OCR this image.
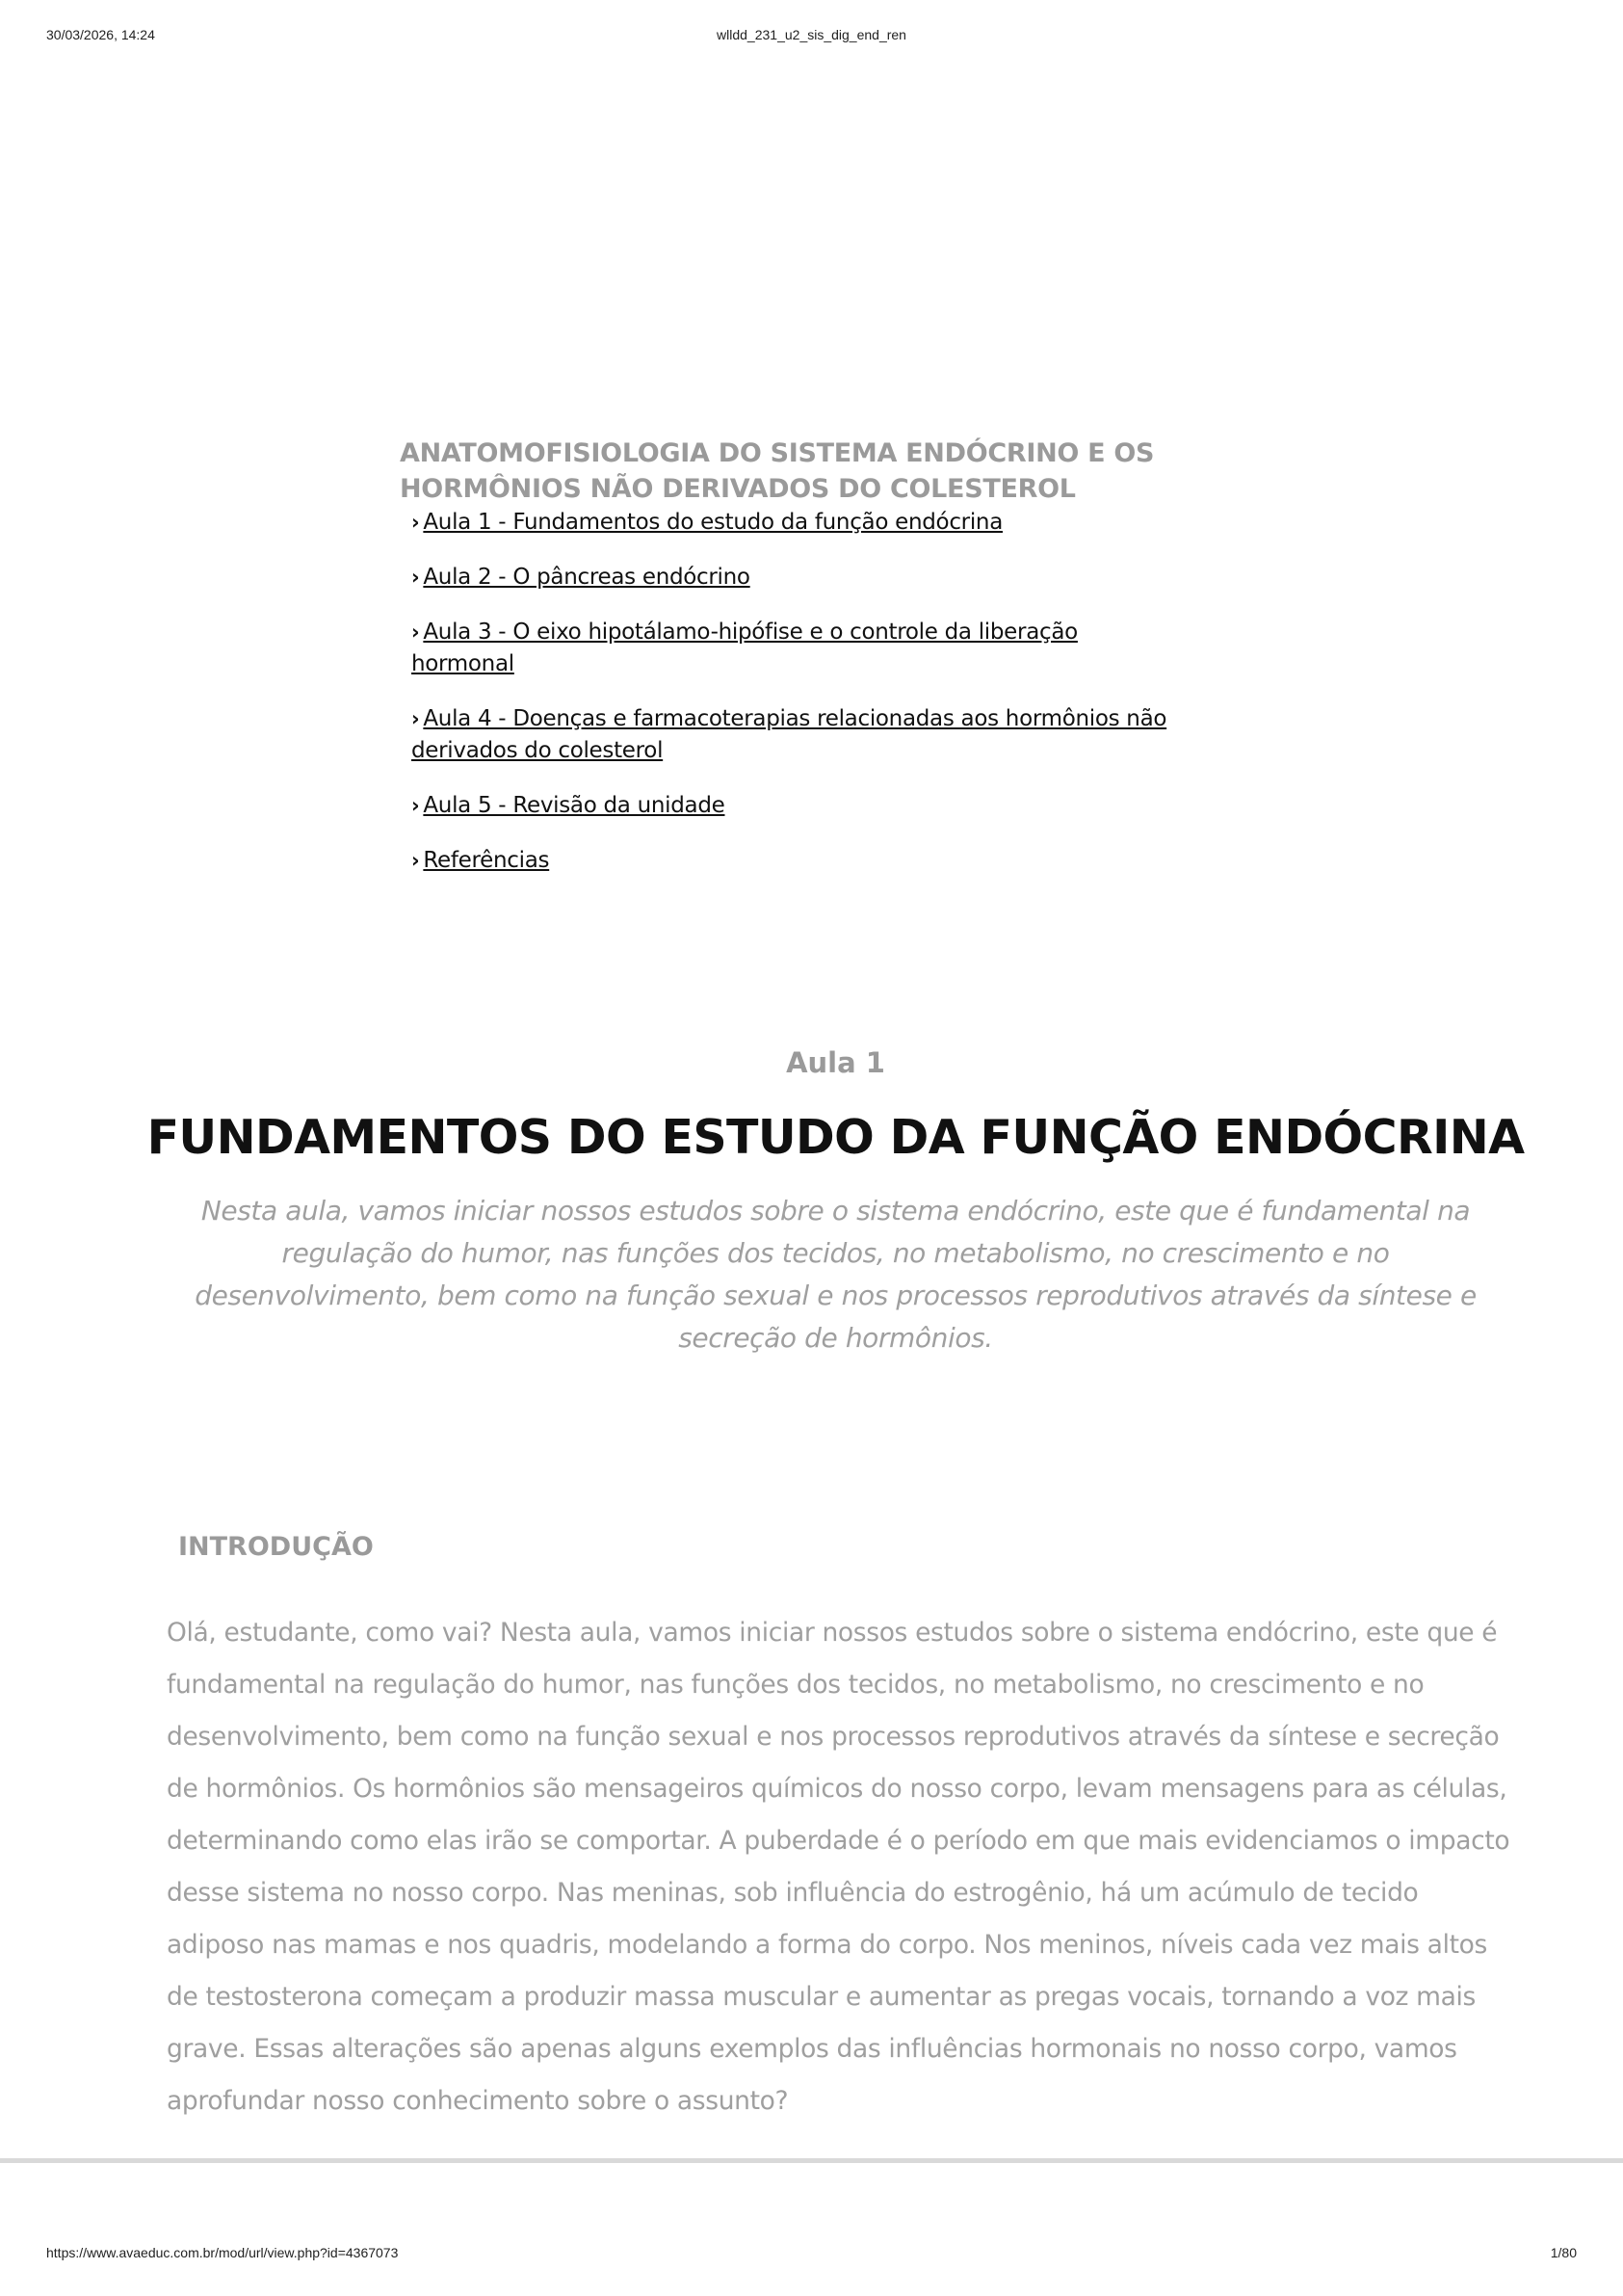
30/03/2026, 14:24	wlldd_231_u2_sis_dig_end_ren
ANATOMOFISIOLOGIA DO SISTEMA ENDÓCRINO E OS HORMÔNIOS NÃO DERIVADOS DO COLESTEROL
› Aula 1 - Fundamentos do estudo da função endócrina
› Aula 2 - O pâncreas endócrino
› Aula 3 - O eixo hipotálamo-hipófise e o controle da liberação hormonal
› Aula 4 - Doenças e farmacoterapias relacionadas aos hormônios não derivados do colesterol
› Aula 5 - Revisão da unidade
› Referências
Aula 1
FUNDAMENTOS DO ESTUDO DA FUNÇÃO ENDÓCRINA

Nesta aula, vamos iniciar nossos estudos sobre o sistema endócrino, este que é fundamental na regulação do humor, nas funções dos tecidos, no metabolismo, no crescimento e no desenvolvimento, bem como na função sexual e nos processos reprodutivos através da síntese e secreção de hormônios.

INTRODUÇÃO

Olá, estudante, como vai? Nesta aula, vamos iniciar nossos estudos sobre o sistema endócrino, este que é fundamental na regulação do humor, nas funções dos tecidos, no metabolismo, no crescimento e no desenvolvimento, bem como na função sexual e nos processos reprodutivos através da síntese e secreção de hormônios. Os hormônios são mensageiros químicos do nosso corpo, levam mensagens para as células, determinando como elas irão se comportar. A puberdade é o período em que mais evidenciamos o impacto desse sistema no nosso corpo. Nas meninas, sob influência do estrogênio, há um acúmulo de tecido adiposo nas mamas e nos quadris, modelando a forma do corpo. Nos meninos, níveis cada vez mais altos de testosterona começam a produzir massa muscular e aumentar as pregas vocais, tornando a voz mais grave. Essas alterações são apenas alguns exemplos das influências hormonais no nosso corpo, vamos aprofundar nosso conhecimento sobre o assunto?

https://www.avaeduc.com.br/mod/url/view.php?id=4367073	1/80
